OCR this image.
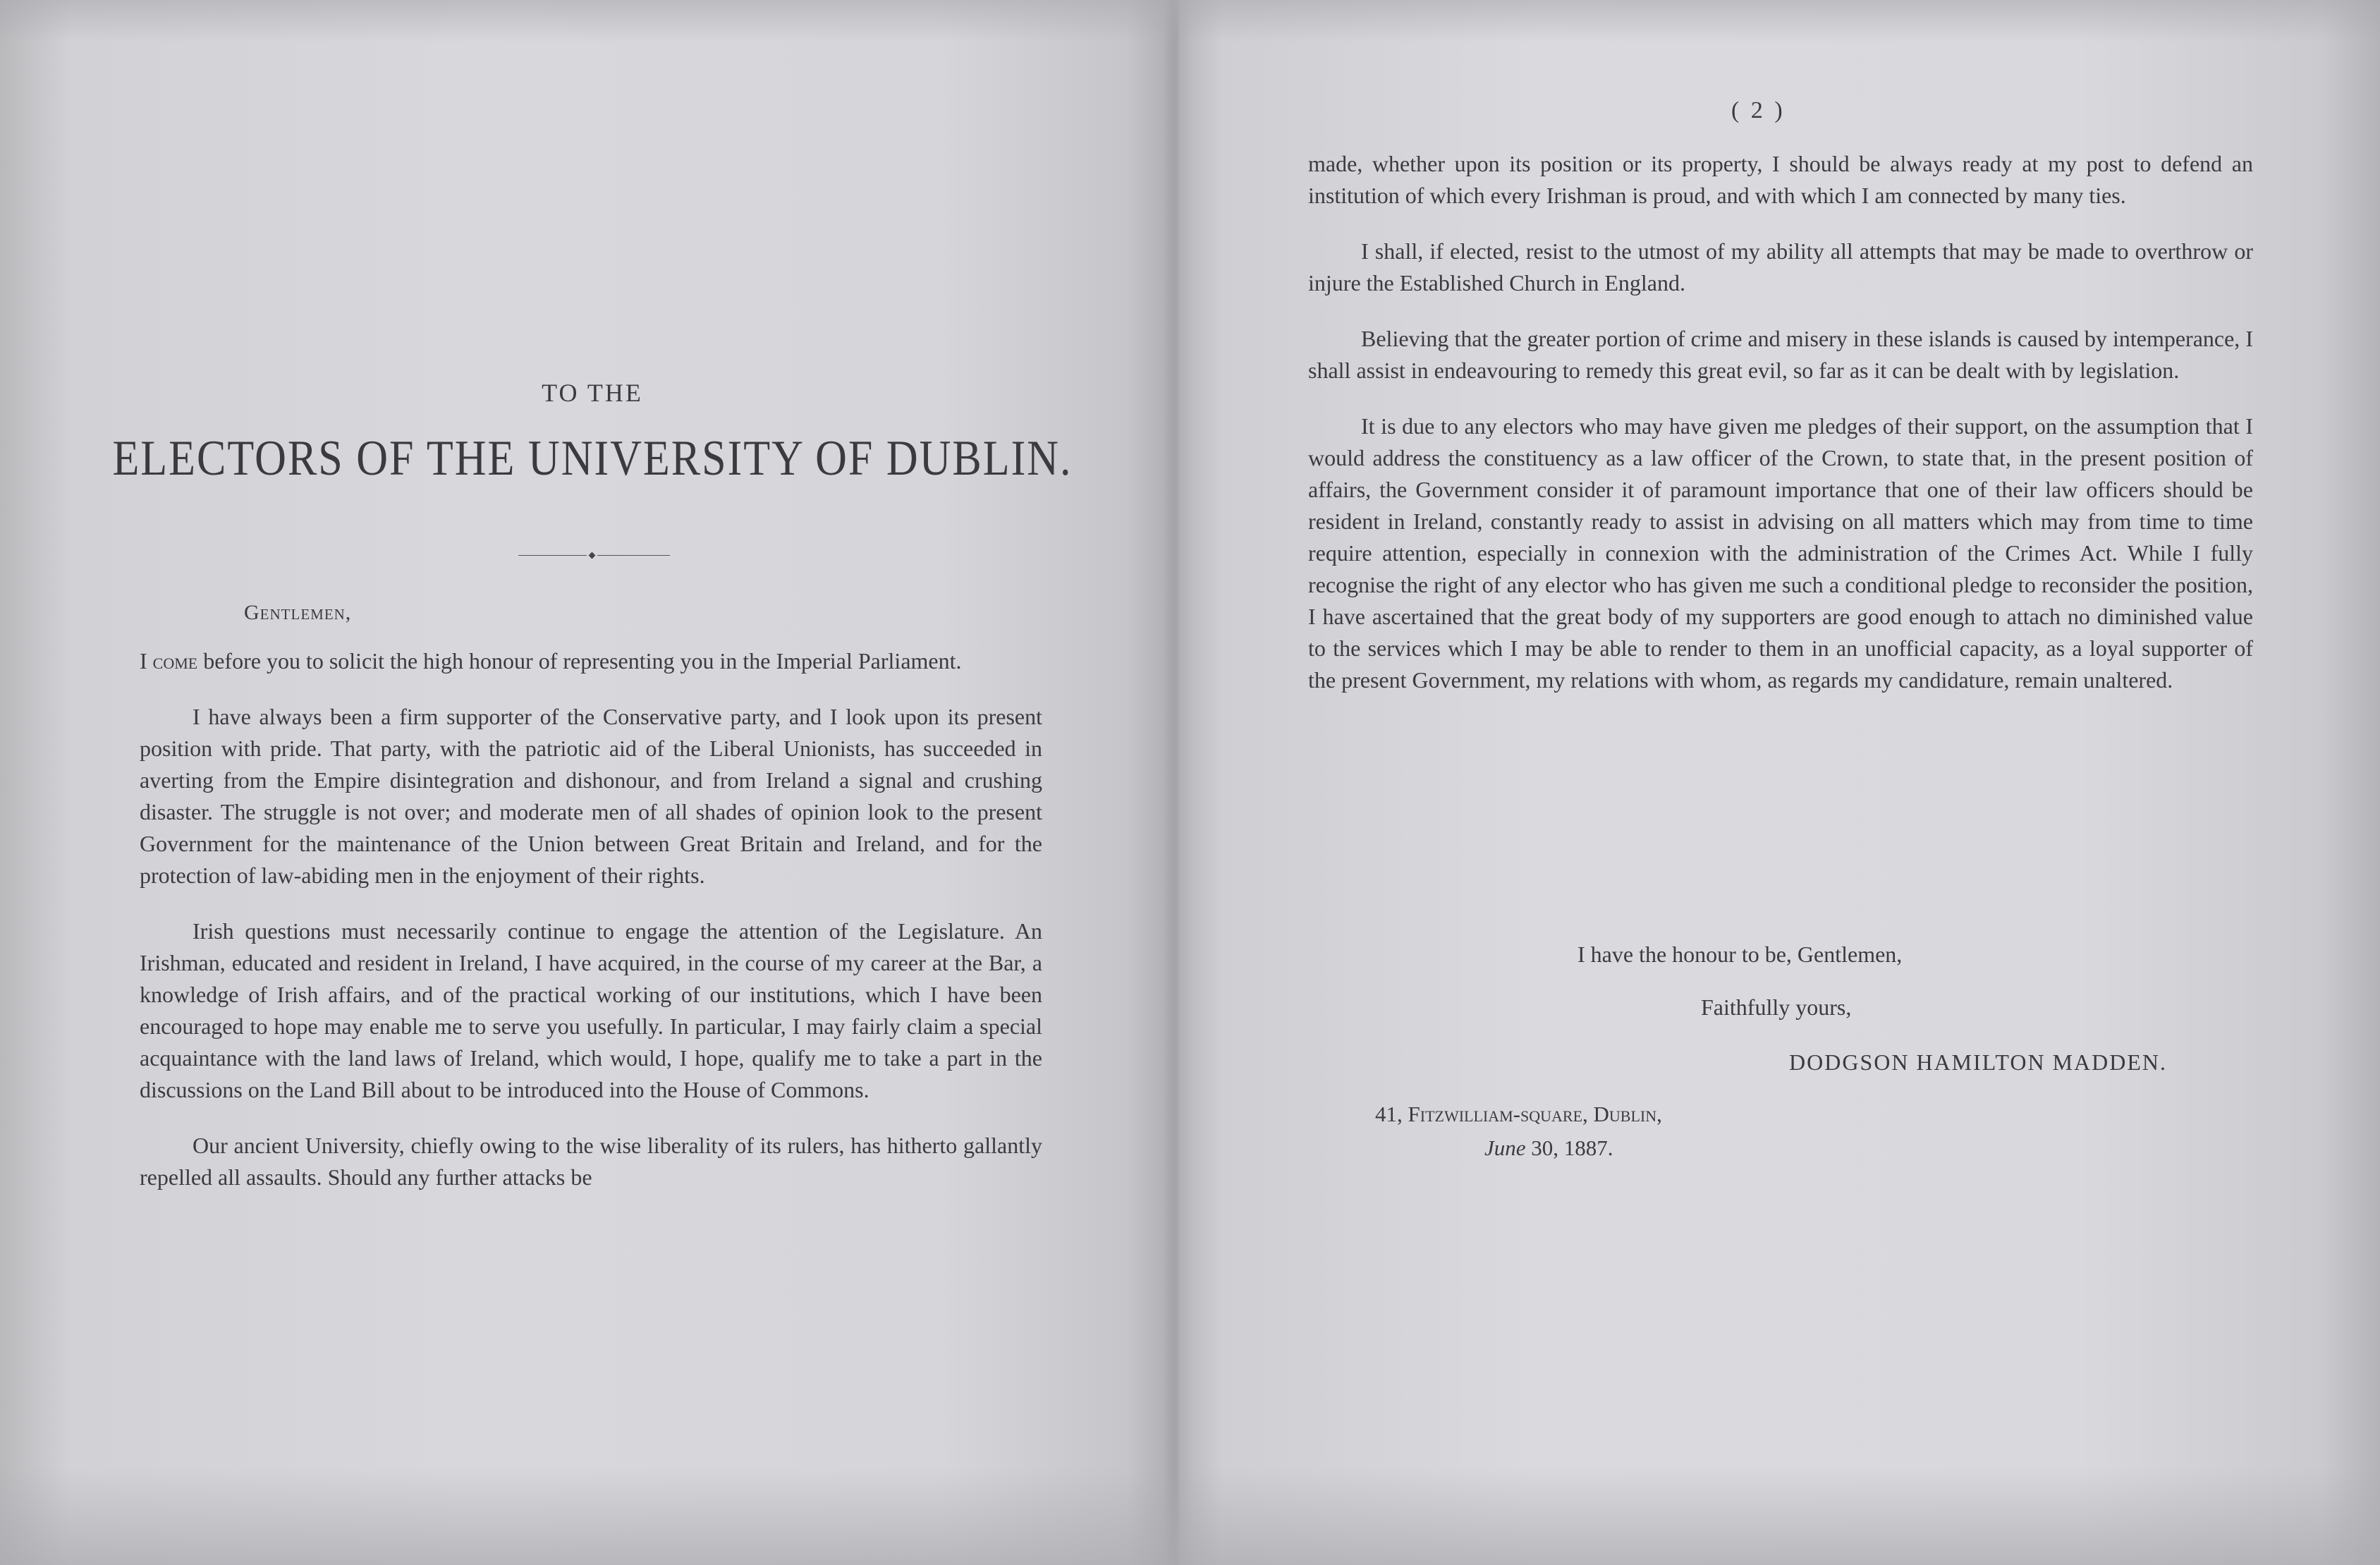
TO THE
ELECTORS OF THE UNIVERSITY OF DUBLIN.
Gentlemen,

I come before you to solicit the high honour of representing you in the Imperial Parliament.

I have always been a firm supporter of the Conservative party, and I look upon its present position with pride. That party, with the patriotic aid of the Liberal Unionists, has succeeded in averting from the Empire disintegration and dishonour, and from Ireland a signal and crushing disaster. The struggle is not over; and moderate men of all shades of opinion look to the present Government for the maintenance of the Union between Great Britain and Ireland, and for the protection of law-abiding men in the enjoyment of their rights.

Irish questions must necessarily continue to engage the attention of the Legislature. An Irishman, educated and resident in Ireland, I have acquired, in the course of my career at the Bar, a knowledge of Irish affairs, and of the practical working of our institutions, which I have been encouraged to hope may enable me to serve you usefully. In particular, I may fairly claim a special acquaintance with the land laws of Ireland, which would, I hope, qualify me to take a part in the discussions on the Land Bill about to be introduced into the House of Commons.

Our ancient University, chiefly owing to the wise liberality of its rulers, has hitherto gallantly repelled all assaults. Should any further attacks be

( 2 )

made, whether upon its position or its property, I should be always ready at my post to defend an institution of which every Irishman is proud, and with which I am connected by many ties.

I shall, if elected, resist to the utmost of my ability all attempts that may be made to overthrow or injure the Established Church in England.

Believing that the greater portion of crime and misery in these islands is caused by intemperance, I shall assist in endeavouring to remedy this great evil, so far as it can be dealt with by legislation.

It is due to any electors who may have given me pledges of their support, on the assumption that I would address the constituency as a law officer of the Crown, to state that, in the present position of affairs, the Government consider it of paramount importance that one of their law officers should be resident in Ireland, constantly ready to assist in advising on all matters which may from time to time require attention, especially in connexion with the administration of the Crimes Act. While I fully recognise the right of any elector who has given me such a conditional pledge to reconsider the position, I have ascertained that the great body of my supporters are good enough to attach no diminished value to the services which I may be able to render to them in an unofficial capacity, as a loyal supporter of the present Government, my relations with whom, as regards my candidature, remain unaltered.

I have the honour to be, Gentlemen,
Faithfully yours,
DODGSON HAMILTON MADDEN.
41, Fitzwilliam-square, Dublin,
June 30, 1887.
